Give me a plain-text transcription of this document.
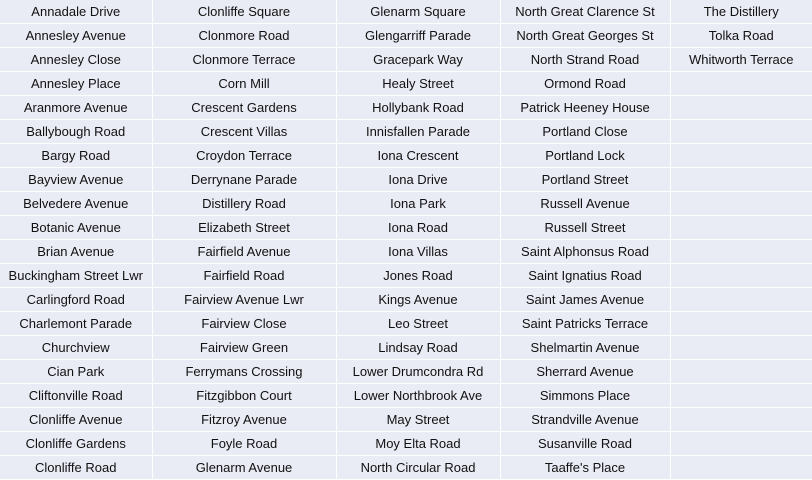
Annadale Drive	Clonliffe Square	Glenarm Square	North Great Clarence St	The Distillery
Annesley Avenue	Clonmore Road	Glengarriff Parade	North Great Georges St	Tolka Road
Annesley Close	Clonmore Terrace	Gracepark Way	North Strand Road	Whitworth Terrace
Annesley Place	Corn Mill	Healy Street	Ormond Road	
Aranmore Avenue	Crescent Gardens	Hollybank Road	Patrick Heeney House	
Ballybough Road	Crescent Villas	Innisfallen Parade	Portland Close	
Bargy Road	Croydon Terrace	Iona Crescent	Portland Lock	
Bayview Avenue	Derrynane Parade	Iona Drive	Portland Street	
Belvedere Avenue	Distillery Road	Iona Park	Russell Avenue	
Botanic Avenue	Elizabeth Street	Iona Road	Russell Street	
Brian Avenue	Fairfield Avenue	Iona Villas	Saint Alphonsus Road	
Buckingham Street Lwr	Fairfield Road	Jones Road	Saint Ignatius Road	
Carlingford Road	Fairview Avenue Lwr	Kings Avenue	Saint James Avenue	
Charlemont Parade	Fairview Close	Leo Street	Saint Patricks Terrace	
Churchview	Fairview Green	Lindsay Road	Shelmartin Avenue	
Cian Park	Ferrymans Crossing	Lower Drumcondra Rd	Sherrard Avenue	
Cliftonville Road	Fitzgibbon Court	Lower Northbrook Ave	Simmons Place	
Clonliffe Avenue	Fitzroy Avenue	May Street	Strandville Avenue	
Clonliffe Gardens	Foyle Road	Moy Elta Road	Susanville Road	
Clonliffe Road	Glenarm Avenue	North Circular Road	Taaffe's Place	
